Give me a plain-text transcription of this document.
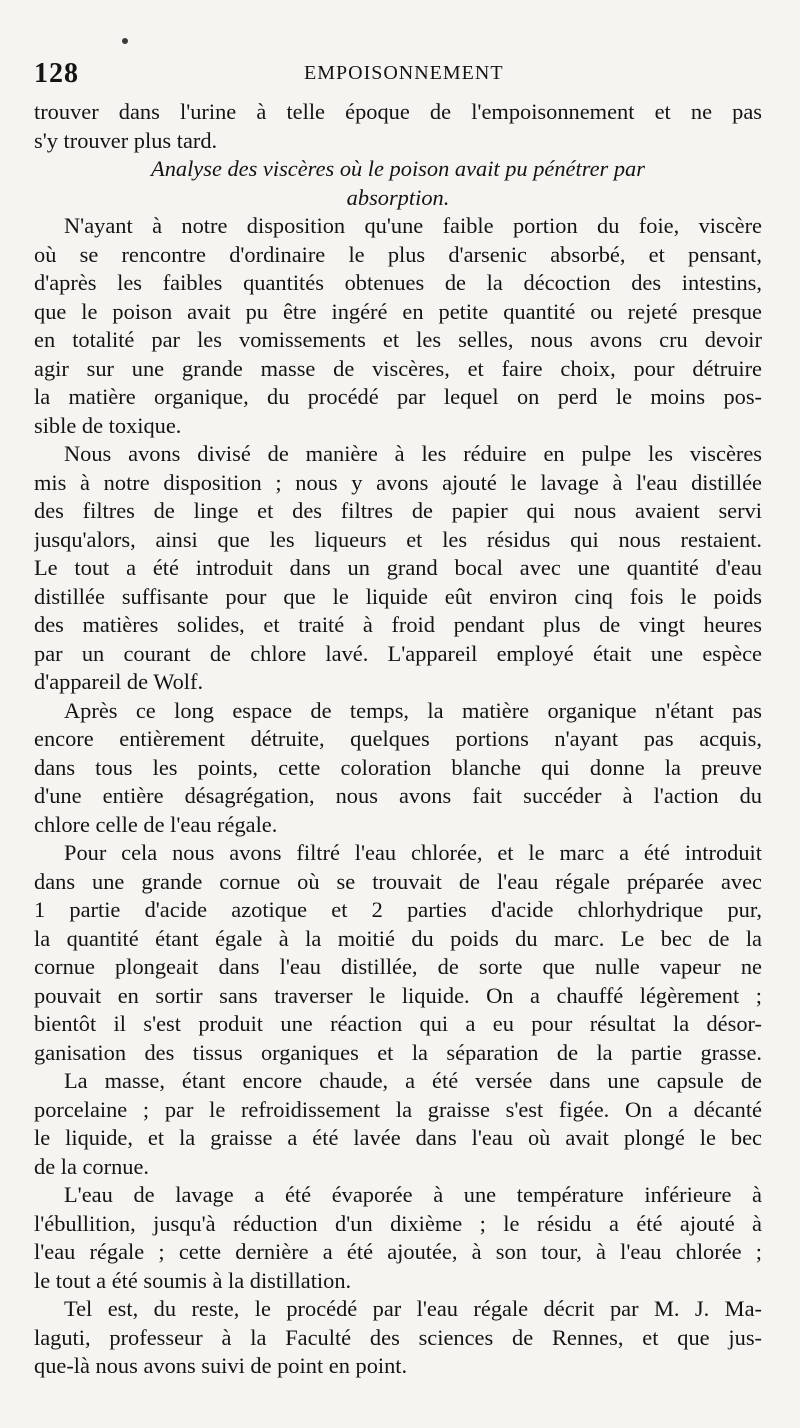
128	EMPOISONNEMENT
trouver dans l'urine à telle époque de l'empoisonnement et ne pas
s'y trouver plus tard.
Analyse des viscères où le poison avait pu pénétrer par
absorption.
N'ayant à notre disposition qu'une faible portion du foie, viscère
où se rencontre d'ordinaire le plus d'arsenic absorbé, et pensant,
d'après les faibles quantités obtenues de la décoction des intestins,
que le poison avait pu être ingéré en petite quantité ou rejeté presque
en totalité par les vomissements et les selles, nous avons cru devoir
agir sur une grande masse de viscères, et faire choix, pour détruire
la matière organique, du procédé par lequel on perd le moins pos-
sible de toxique.
Nous avons divisé de manière à les réduire en pulpe les viscères
mis à notre disposition ; nous y avons ajouté le lavage à l'eau distillée
des filtres de linge et des filtres de papier qui nous avaient servi
jusqu'alors, ainsi que les liqueurs et les résidus qui nous restaient.
Le tout a été introduit dans un grand bocal avec une quantité d'eau
distillée suffisante pour que le liquide eût environ cinq fois le poids
des matières solides, et traité à froid pendant plus de vingt heures
par un courant de chlore lavé. L'appareil employé était une espèce
d'appareil de Wolf.
Après ce long espace de temps, la matière organique n'étant pas
encore entièrement détruite, quelques portions n'ayant pas acquis,
dans tous les points, cette coloration blanche qui donne la preuve
d'une entière désagrégation, nous avons fait succéder à l'action du
chlore celle de l'eau régale.
Pour cela nous avons filtré l'eau chlorée, et le marc a été introduit
dans une grande cornue où se trouvait de l'eau régale préparée avec
1 partie d'acide azotique et 2 parties d'acide chlorhydrique pur,
la quantité étant égale à la moitié du poids du marc. Le bec de la
cornue plongeait dans l'eau distillée, de sorte que nulle vapeur ne
pouvait en sortir sans traverser le liquide. On a chauffé légèrement ;
bientôt il s'est produit une réaction qui a eu pour résultat la désor-
ganisation des tissus organiques et la séparation de la partie grasse.
La masse, étant encore chaude, a été versée dans une capsule de
porcelaine ; par le refroidissement la graisse s'est figée. On a décanté
le liquide, et la graisse a été lavée dans l'eau où avait plongé le bec
de la cornue.
L'eau de lavage a été évaporée à une température inférieure à
l'ébullition, jusqu'à réduction d'un dixième ; le résidu a été ajouté à
l'eau régale ; cette dernière a été ajoutée, à son tour, à l'eau chlorée ;
le tout a été soumis à la distillation.
Tel est, du reste, le procédé par l'eau régale décrit par M. J. Ma-
laguti, professeur à la Faculté des sciences de Rennes, et que jus-
que-là nous avons suivi de point en point.
